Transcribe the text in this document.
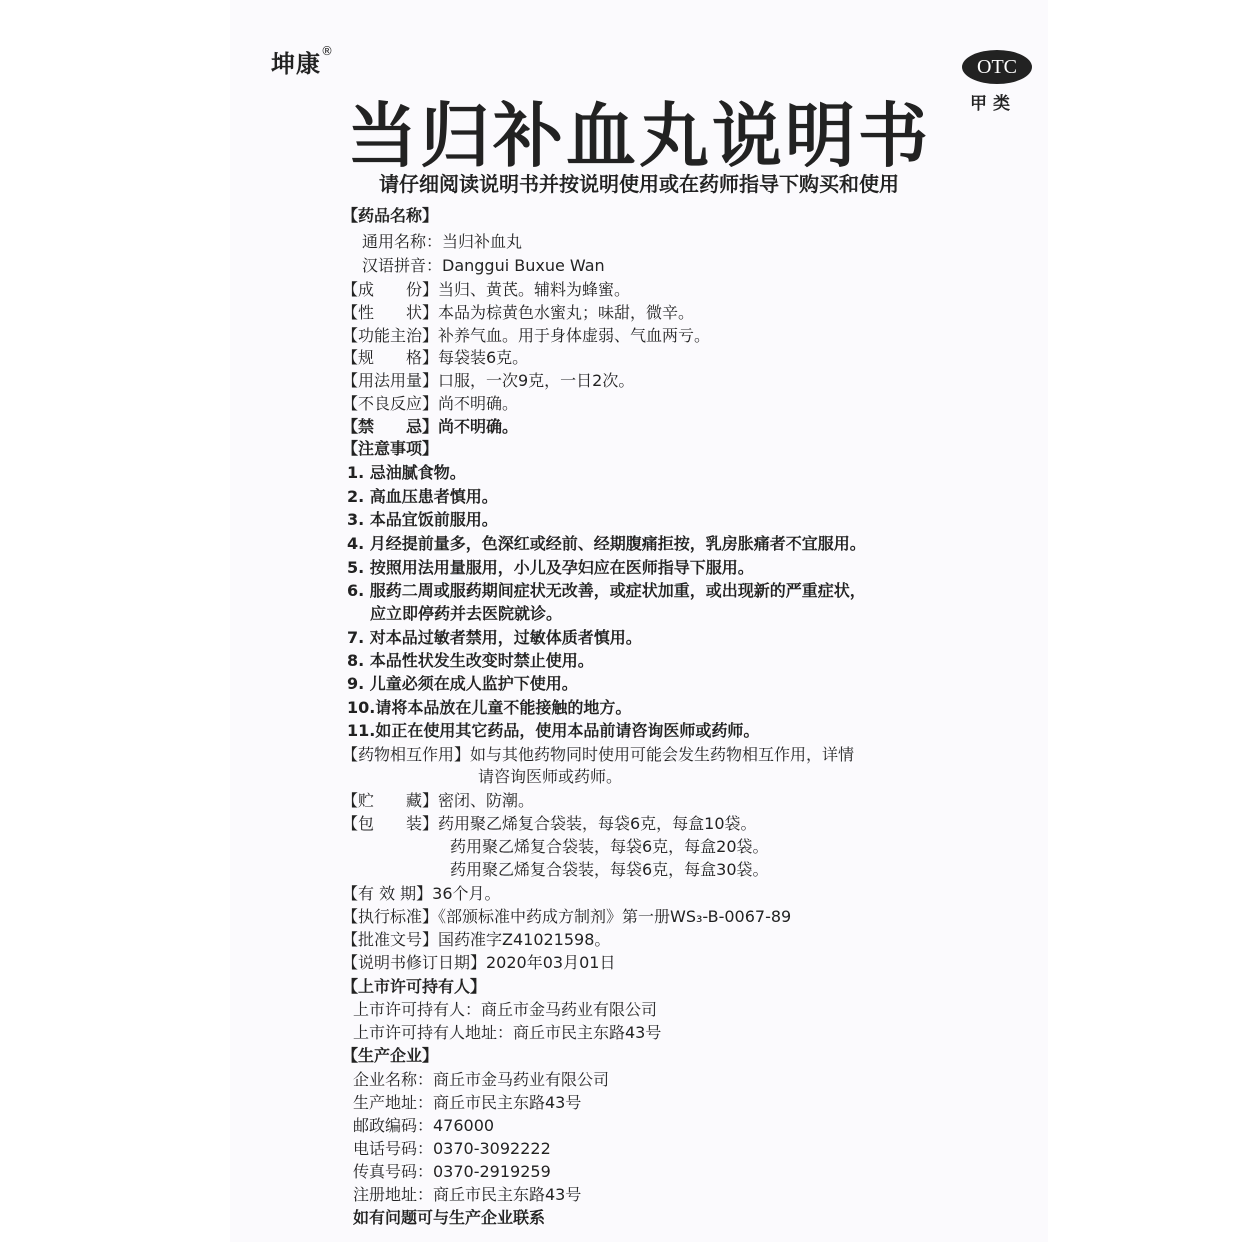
坤康®
OTC
甲类
当归补血丸说明书
请仔细阅读说明书并按说明使用或在药师指导下购买和使用
【药品名称】
通用名称：当归补血丸
汉语拼音：Danggui Buxue Wan
【成　　份】当归、黄芪。辅料为蜂蜜。
【性　　状】本品为棕黄色水蜜丸；味甜，微辛。
【功能主治】补养气血。用于身体虚弱、气血两亏。
【规　　格】每袋装6克。
【用法用量】口服，一次9克，一日2次。
【不良反应】尚不明确。
【禁　　忌】尚不明确。
【注意事项】
1. 忌油腻食物。
2. 高血压患者慎用。
3. 本品宜饭前服用。
4. 月经提前量多，色深红或经前、经期腹痛拒按，乳房胀痛者不宜服用。
5. 按照用法用量服用，小儿及孕妇应在医师指导下服用。
6. 服药二周或服药期间症状无改善，或症状加重，或出现新的严重症状，
应立即停药并去医院就诊。
7. 对本品过敏者禁用，过敏体质者慎用。
8. 本品性状发生改变时禁止使用。
9. 儿童必须在成人监护下使用。
10.请将本品放在儿童不能接触的地方。
11.如正在使用其它药品，使用本品前请咨询医师或药师。
【药物相互作用】如与其他药物同时使用可能会发生药物相互作用，详情
请咨询医师或药师。
【贮　　藏】密闭、防潮。
【包　　装】药用聚乙烯复合袋装，每袋6克，每盒10袋。
药用聚乙烯复合袋装，每袋6克，每盒20袋。
药用聚乙烯复合袋装，每袋6克，每盒30袋。
【有 效 期】36个月。
【执行标准】《部颁标准中药成方制剂》第一册WS₃-B-0067-89
【批准文号】国药准字Z41021598。
【说明书修订日期】2020年03月01日
【上市许可持有人】
上市许可持有人：商丘市金马药业有限公司
上市许可持有人地址：商丘市民主东路43号
【生产企业】
企业名称：商丘市金马药业有限公司
生产地址：商丘市民主东路43号
邮政编码：476000
电话号码：0370-3092222
传真号码：0370-2919259
注册地址：商丘市民主东路43号
如有问题可与生产企业联系
